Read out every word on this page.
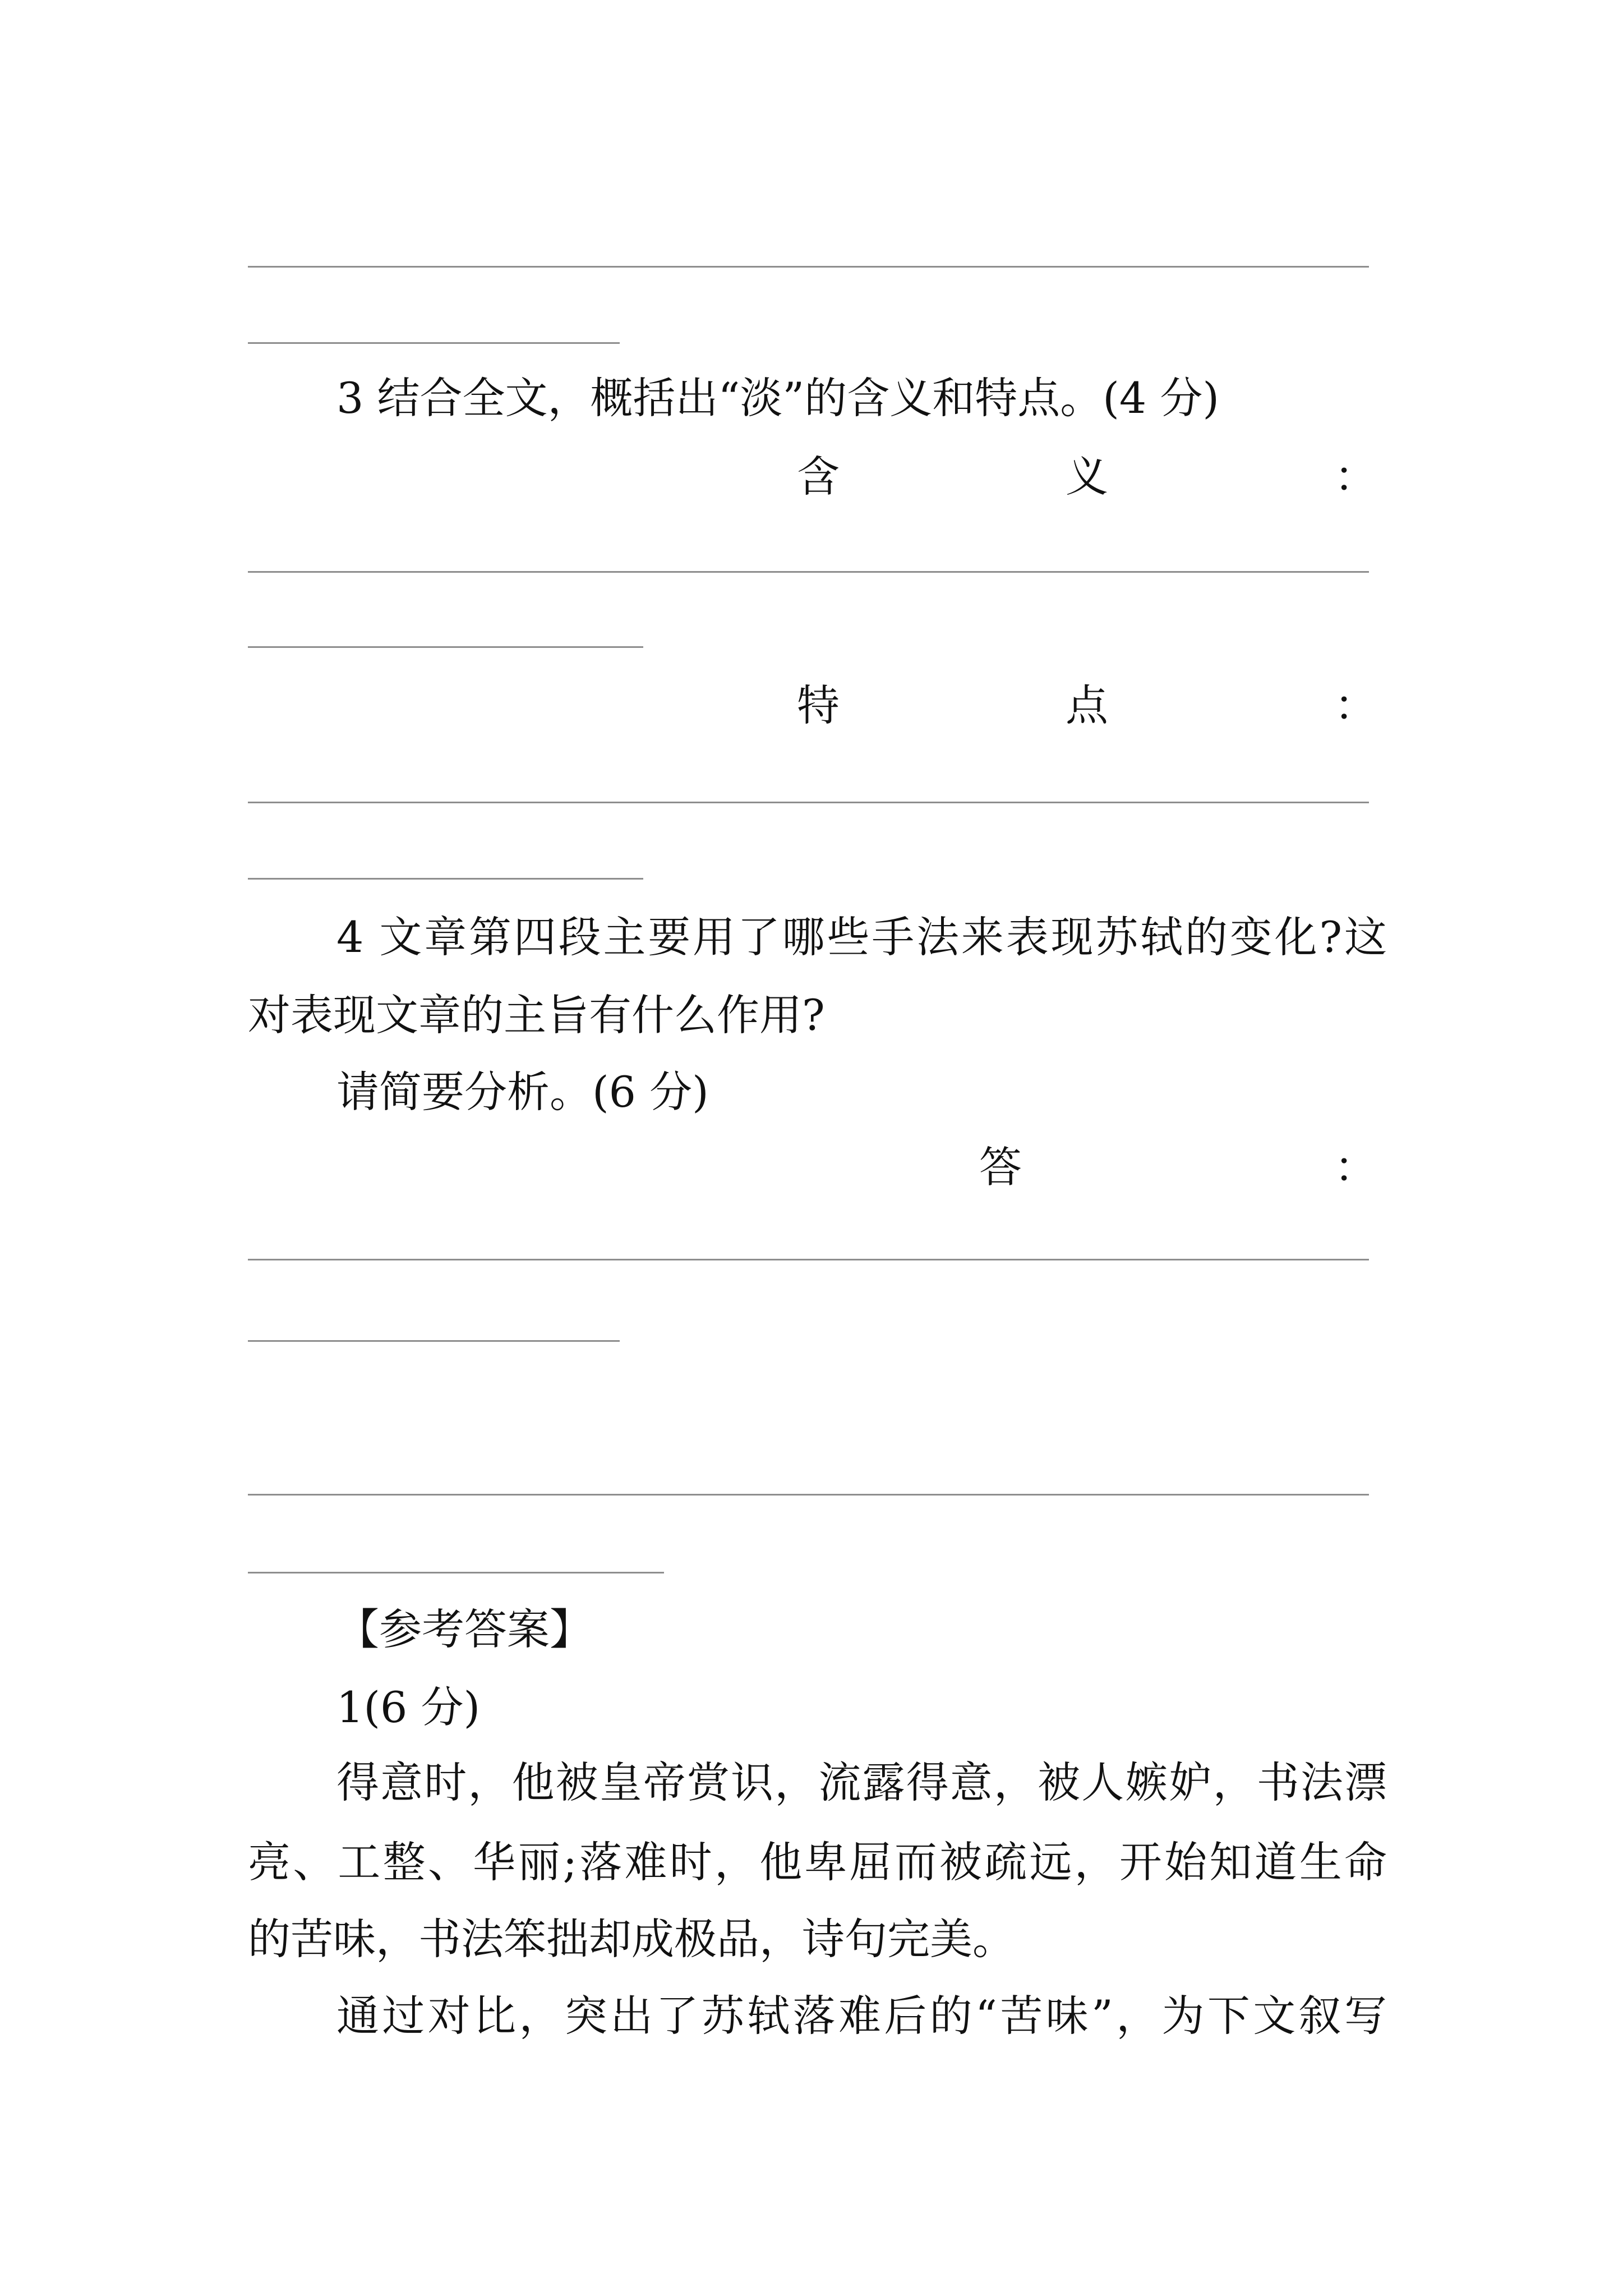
3 结合全文，概括出“淡”的含义和特点。(4 分)
含	义	：
特	点	：
4 文章第四段主要用了哪些手法来表现苏轼的变化?这
对表现文章的主旨有什么作用?
请简要分析。(6 分)
答	：
【参考答案】
1(6 分)
得意时，他被皇帝赏识，流露得意，被人嫉妒，书法漂
亮、工整、华丽;落难时，他卑屈而被疏远，开始知道生命
的苦味，书法笨拙却成极品，诗句完美。
通过对比，突出了苏轼落难后的“苦味”，为下文叙写
